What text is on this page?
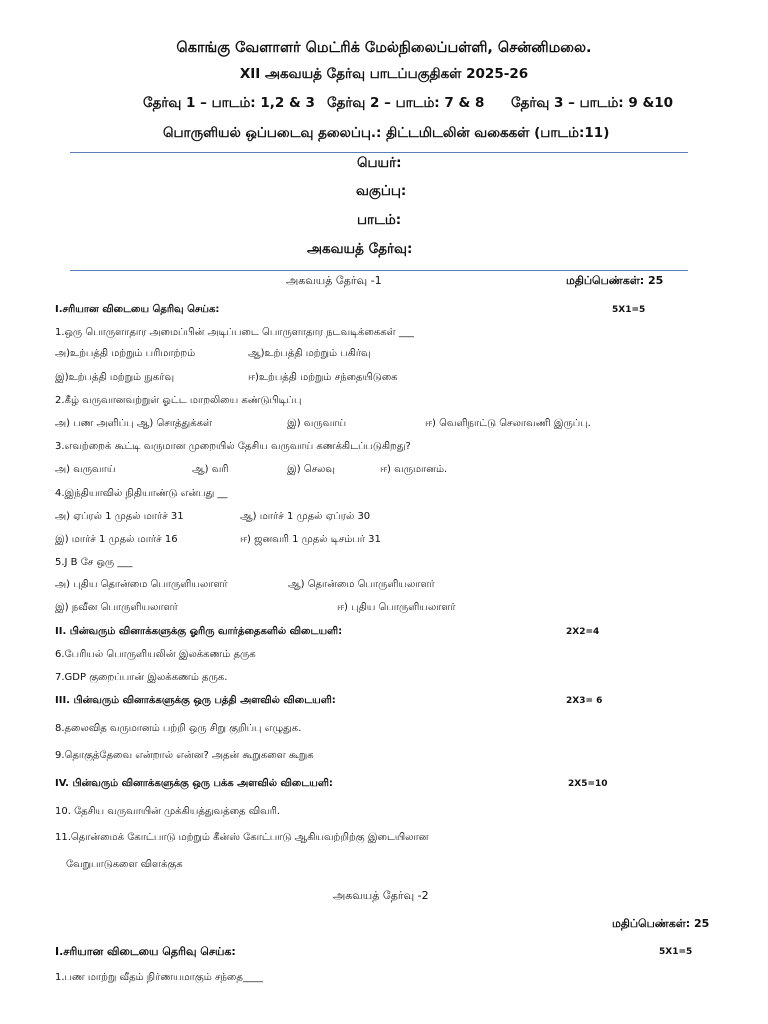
கொங்கு வேளாளர் மெட்ரிக் மேல்நிலைப்பள்ளி, சென்னிமலை.
XII அகவயத் தேர்வு பாடப்பகுதிகள் 2025-26
தேர்வு 1 – பாடம்: 1,2 & 3 தேர்வு 2 – பாடம்: 7 & 8 தேர்வு 3 – பாடம்: 9 &10
பொருளியல் ஒப்படைவு தலைப்பு.: திட்டமிடலின் வகைகள் (பாடம்:11)
பெயர்:
வகுப்பு:
பாடம்:
அகவயத் தேர்வு:
அகவயத் தேர்வு -1	மதிப்பெண்கள்: 25
I.சரியான விடையை தெரிவு செய்க:	5X1=5
1.ஒரு பொருளாதார அமைப்பின் அடிப்படை பொருளாதார நடவடிக்கைகள் ___
அ)உற்பத்தி மற்றும் பரிமாற்றம்	ஆ)உற்பத்தி மற்றும் பகிர்வு
இ)உற்பத்தி மற்றும் நுகர்வு	ஈ)உற்பத்தி மற்றும் சந்தையிடுகை
2.கீழ் வருவானவற்றுள் ஓட்ட மாறலியை கண்டுபிடிப்பு
அ) பண அளிப்பு ஆ) சொத்துக்கள்	இ) வருவாய்	ஈ) வெளிநாட்டு செலாவணி இருப்பு.
3.எவற்றைக் கூட்டி வருமான முறையில் தேசிய வருவாய் கணக்கிடப்படுகிறது?
அ) வருவாய்	ஆ) வரி	இ) செலவு	ஈ) வருமானம்.
4.இந்தியாவில் நிதியாண்டு என்பது __
அ) ஏப்ரல் 1 முதல் மார்ச் 31	ஆ) மார்ச் 1 முதல் ஏப்ரல் 30
இ) மார்ச் 1 முதல் மார்ச் 16	ஈ) ஜனவரி 1 முதல் டிசம்பர் 31
5.J B சே ஒரு ___
அ) புதிய தொன்மை பொருளியலாளர்	ஆ) தொன்மை பொருளியலாளர்
இ) நவீன பொருளியலாளர்	ஈ) புதிய பொருளியலாளர்
II. பின்வரும் வினாக்களுக்கு ஓரிரு வார்த்தைகளில் விடையளி:	2X2=4
6.பேரியல் பொருளியலின் இலக்கணம் தருக
7.GDP குறைப்பான் இலக்கணம் தருக.
III. பின்வரும் வினாக்களுக்கு ஒரு பத்தி அளவில் விடையளி:	2X3= 6
8.தலைவித வருமானம் பற்றி ஒரு சிறு குறிப்பு எழுதுக.
9.தொகுத்தேவை என்றால் என்ன? அதன் கூறுகளை கூறுக
IV. பின்வரும் வினாக்களுக்கு ஒரு பக்க அளவில் விடையளி:	2X5=10
10. தேசிய வருவாயின் முக்கியத்துவத்தை விவரி.
11.தொன்மைக் கோட்பாடு மற்றும் கீன்ஸ் கோட்பாடு ஆகியவற்றிற்கு இடையிலான
வேறுபாடுகளை விளக்குக
அகவயத் தேர்வு -2
மதிப்பெண்கள்: 25
I.சரியான விடையை தெரிவு செய்க:	5X1=5
1.பண மாற்று வீதம் நிர்ணயமாகும் சந்தை____
